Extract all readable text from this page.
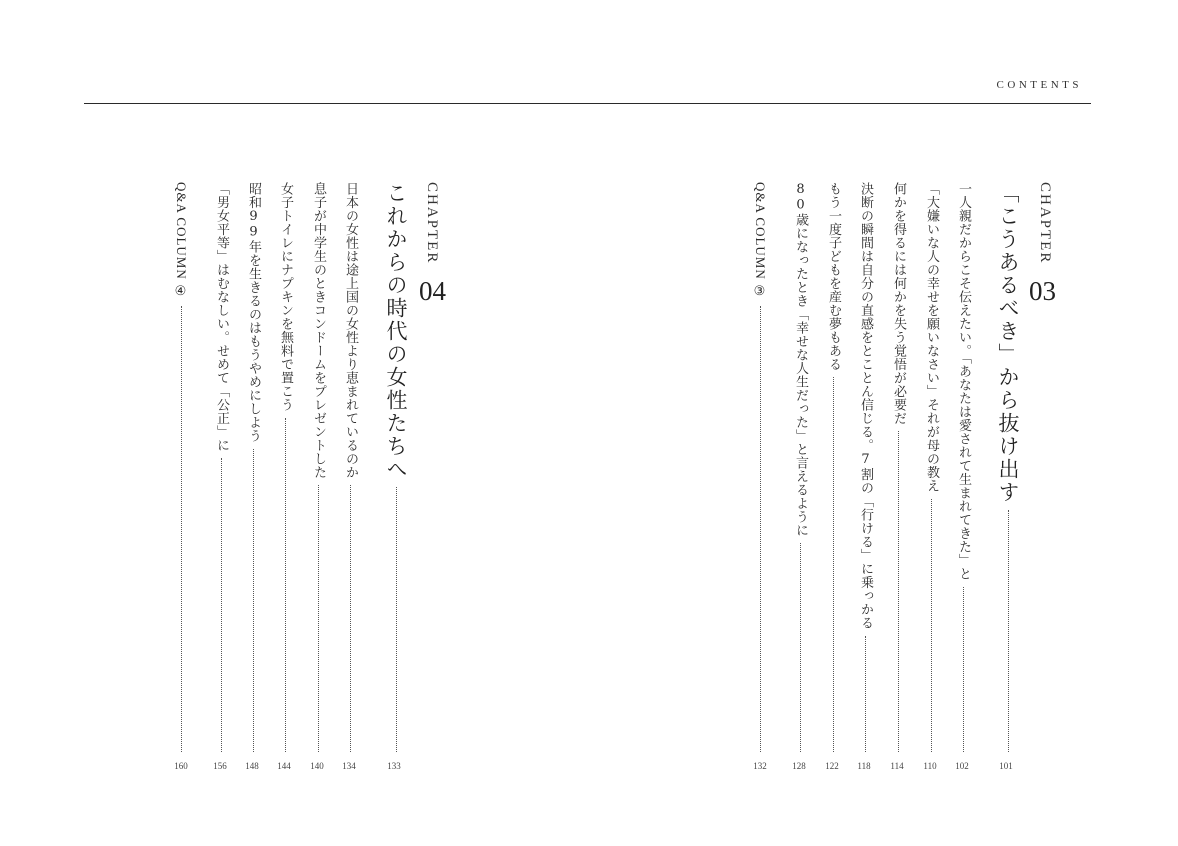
CONTENTS
CHAPTER
03
「こうあるべき」から抜け出す
101
一人親だからこそ伝えたい。「あなたは愛されて生まれてきた」と
102
「大嫌いな人の幸せを願いなさい」それが母の教え
110
何かを得るには何かを失う覚悟が必要だ
114
決断の瞬間は自分の直感をとことん信じる。7割の「行ける」に乗っかる
118
もう一度子どもを産む夢もある
122
80歳になったとき「幸せな人生だった」と言えるように
128
Q&A COLUMN ③
132
CHAPTER
04
これからの時代の女性たちへ
133
日本の女性は途上国の女性より恵まれているのか
134
息子が中学生のときコンドームをプレゼントした
140
女子トイレにナプキンを無料で置こう
144
昭和99年を生きるのはもうやめにしよう
148
「男女平等」はむなしい。せめて「公正」に
156
Q&A COLUMN ④
160
